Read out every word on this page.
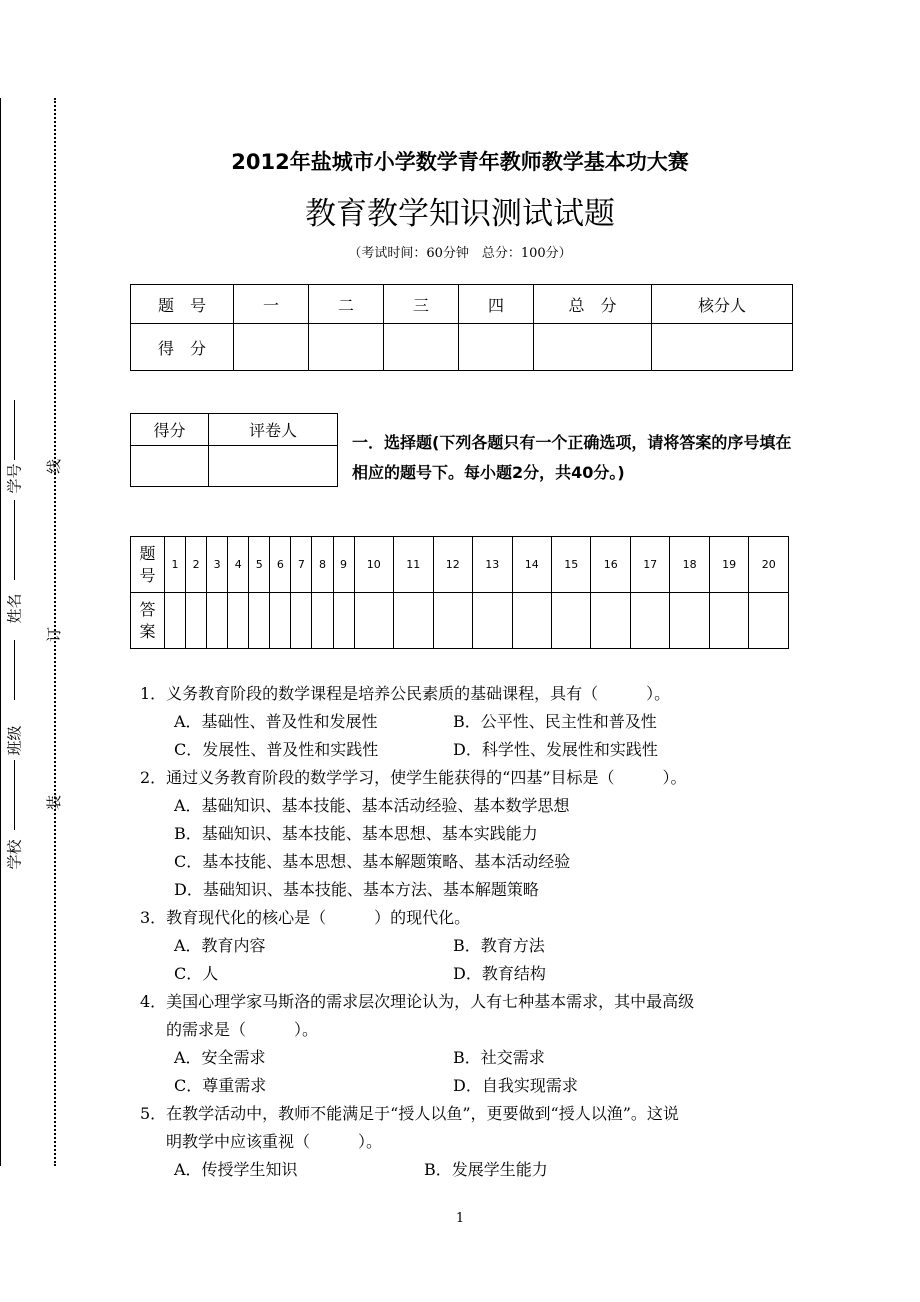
学号
姓名
班级
学校
线
订
装
2012年盐城市小学数学青年教师教学基本功大赛
教育教学知识测试试题
（考试时间：60分钟　总分：100分）
题　号	一	二	三	四	总　分	核分人
得　分						
得分	评卷人

一．选择题(下列各题只有一个正确选项，请将答案的序号填在相应的题号下。每小题2分，共40分。)
题
号	1	2	3	4	5	6	7	8	9	10	11	12	13	14	15	16	17	18	19	20
答
案																				
1．义务教育阶段的数学课程是培养公民素质的基础课程，具有（　　　）。
A．基础性、普及性和发展性	B．公平性、民主性和普及性
C．发展性、普及性和实践性	D．科学性、发展性和实践性
2．通过义务教育阶段的数学学习，使学生能获得的“四基”目标是（　　　）。
A．基础知识、基本技能、基本活动经验、基本数学思想
B．基础知识、基本技能、基本思想、基本实践能力
C．基本技能、基本思想、基本解题策略、基本活动经验
D．基础知识、基本技能、基本方法、基本解题策略
3．教育现代化的核心是（　　　）的现代化。
A．教育内容	B．教育方法
C．人	D．教育结构
4．美国心理学家马斯洛的需求层次理论认为，人有七种基本需求，其中最高级
的需求是（　　　）。
A．安全需求	B．社交需求
C．尊重需求	D．自我实现需求
5．在教学活动中，教师不能满足于“授人以鱼”，更要做到“授人以渔”。这说
明教学中应该重视（　　　）。
A．传授学生知识	B．发展学生能力
1
